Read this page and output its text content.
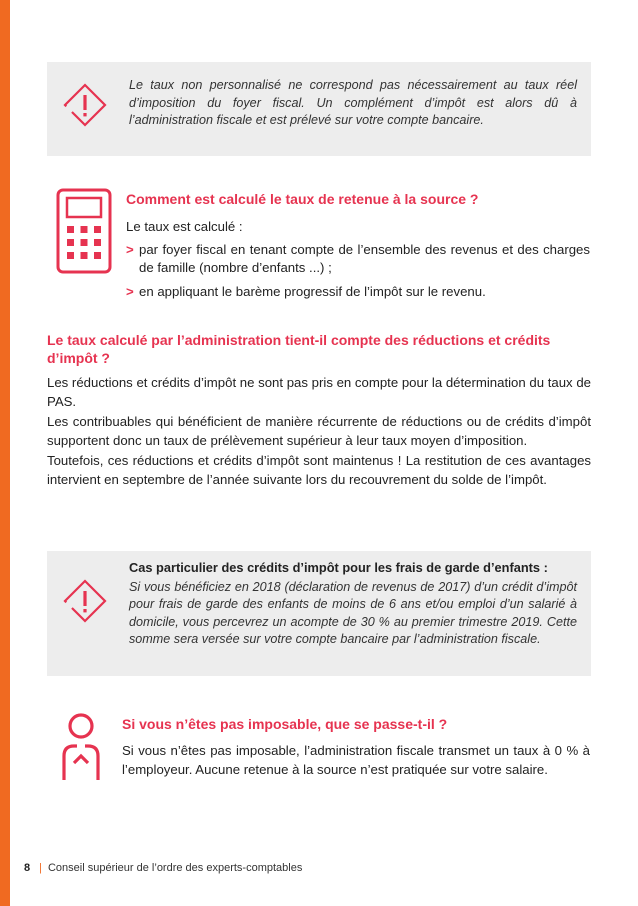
Le taux non personnalisé ne correspond pas nécessairement au taux réel d’imposition du foyer fiscal. Un complément d’impôt est alors dû à l’administration fiscale et est prélevé sur votre compte bancaire.
Comment est calculé le taux de retenue à la source ?

Le taux est calculé :

> par foyer fiscal en tenant compte de l’ensemble des revenus et des charges de famille (nombre d’enfants ...) ;
> en appliquant le barème progressif de l’impôt sur le revenu.
Le taux calculé par l’administration tient-il compte des réductions et crédits d’impôt ?

Les réductions et crédits d’impôt ne sont pas pris en compte pour la détermination du taux de PAS.

Les contribuables qui bénéficient de manière récurrente de réductions ou de crédits d’impôt supportent donc un taux de prélèvement supérieur à leur taux moyen d’imposition.

Toutefois, ces réductions et crédits d’impôt sont maintenus ! La restitution de ces avantages intervient en septembre de l’année suivante lors du recouvrement du solde de l’impôt.

Cas particulier des crédits d’impôt pour les frais de garde d’enfants :
Si vous bénéficiez en 2018 (déclaration de revenus de 2017) d’un crédit d’impôt pour frais de garde des enfants de moins de 6 ans et/ou emploi d’un salarié à domicile, vous percevrez un acompte de 30 % au premier trimestre 2019. Cette somme sera versée sur votre compte bancaire par l’administration fiscale.
Si vous n’êtes pas imposable, que se passe-t-il ?
Si vous n’êtes pas imposable, l’administration fiscale transmet un taux à 0 % à l’employeur. Aucune retenue à la source n’est pratiquée sur votre salaire.
8 | Conseil supérieur de l’ordre des experts-comptables
